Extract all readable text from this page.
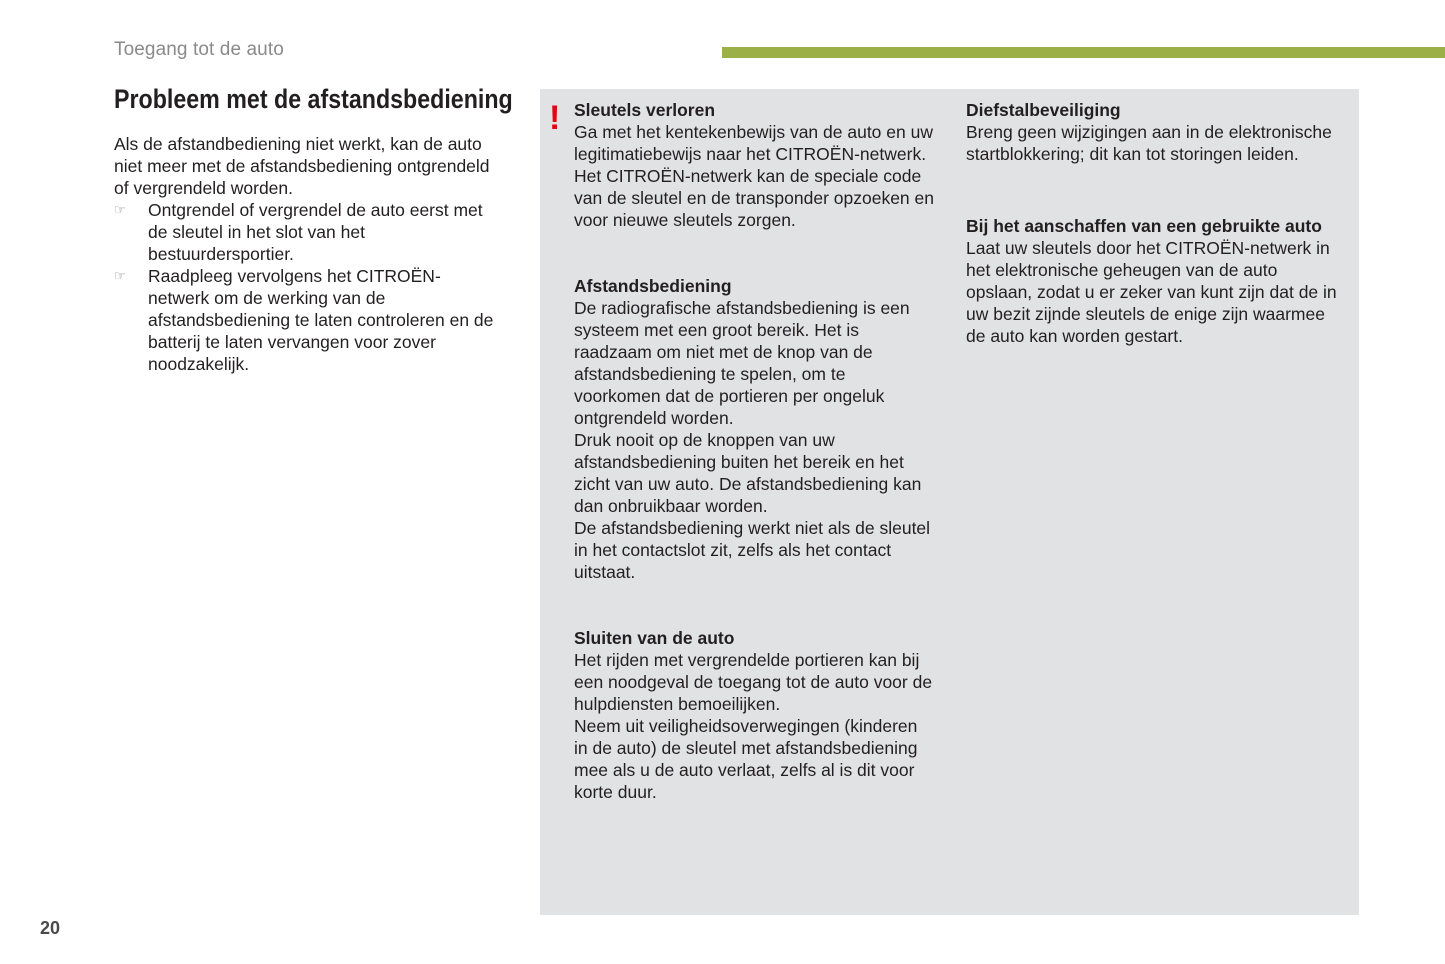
Toegang tot de auto
Probleem met de afstandsbediening

Als de afstandbediening niet werkt, kan de auto niet meer met de afstandsbediening ontgrendeld of vergrendeld worden.

☞ Ontgrendel of vergrendel de auto eerst met de sleutel in het slot van het bestuurdersportier.
☞ Raadpleeg vervolgens het CITROËN-netwerk om de werking van de afstandsbediening te laten controleren en de batterij te laten vervangen voor zover noodzakelijk.
! Sleutels verloren

Ga met het kentekenbewijs van de auto en uw legitimatiebewijs naar het CITROËN-netwerk.

Het CITROËN-netwerk kan de speciale code van de sleutel en de transponder opzoeken en voor nieuwe sleutels zorgen.

Afstandsbediening

De radiografische afstandsbediening is een systeem met een groot bereik. Het is raadzaam om niet met de knop van de afstandsbediening te spelen, om te voorkomen dat de portieren per ongeluk ontgrendeld worden.

Druk nooit op de knoppen van uw afstandsbediening buiten het bereik en het zicht van uw auto. De afstandsbediening kan dan onbruikbaar worden.

De afstandsbediening werkt niet als de sleutel in het contactslot zit, zelfs als het contact uitstaat.

Sluiten van de auto

Het rijden met vergrendelde portieren kan bij een noodgeval de toegang tot de auto voor de hulpdiensten bemoeilijken.

Neem uit veiligheidsoverwegingen (kinderen in de auto) de sleutel met afstandsbediening mee als u de auto verlaat, zelfs al is dit voor korte duur.

Diefstalbeveiliging

Breng geen wijzigingen aan in de elektronische startblokkering; dit kan tot storingen leiden.

Bij het aanschaffen van een gebruikte auto

Laat uw sleutels door het CITROËN-netwerk in het elektronische geheugen van de auto opslaan, zodat u er zeker van kunt zijn dat de in uw bezit zijnde sleutels de enige zijn waarmee de auto kan worden gestart.

20
